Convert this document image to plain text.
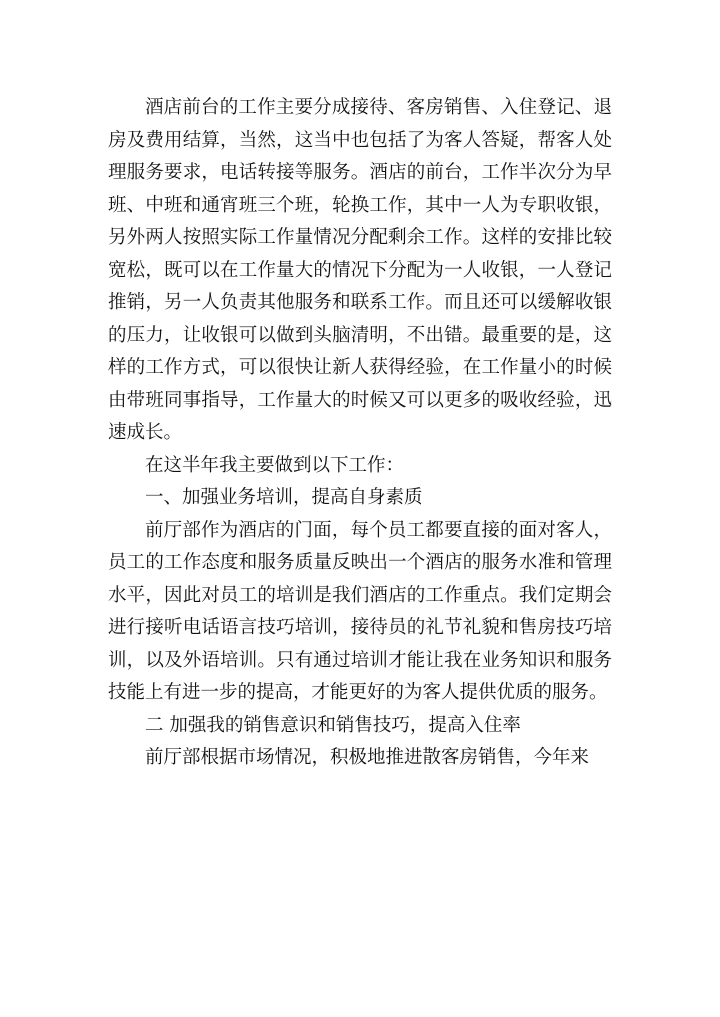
酒店前台的工作主要分成接待、客房销售、入住登记、退房及费用结算，当然，这当中也包括了为客人答疑，帮客人处理服务要求，电话转接等服务。酒店的前台，工作半次分为早班、中班和通宵班三个班，轮换工作，其中一人为专职收银，另外两人按照实际工作量情况分配剩余工作。这样的安排比较宽松，既可以在工作量大的情况下分配为一人收银，一人登记推销，另一人负责其他服务和联系工作。而且还可以缓解收银的压力，让收银可以做到头脑清明，不出错。最重要的是，这样的工作方式，可以很快让新人获得经验，在工作量小的时候由带班同事指导，工作量大的时候又可以更多的吸收经验，迅速成长。

在这半年我主要做到以下工作：

一、加强业务培训，提高自身素质

前厅部作为酒店的门面，每个员工都要直接的面对客人，员工的工作态度和服务质量反映出一个酒店的服务水准和管理水平，因此对员工的培训是我们酒店的工作重点。我们定期会进行接听电话语言技巧培训，接待员的礼节礼貌和售房技巧培训，以及外语培训。只有通过培训才能让我在业务知识和服务技能上有进一步的提高，才能更好的为客人提供优质的服务。

二 加强我的销售意识和销售技巧，提高入住率

前厅部根据市场情况，积极地推进散客房销售，今年来
